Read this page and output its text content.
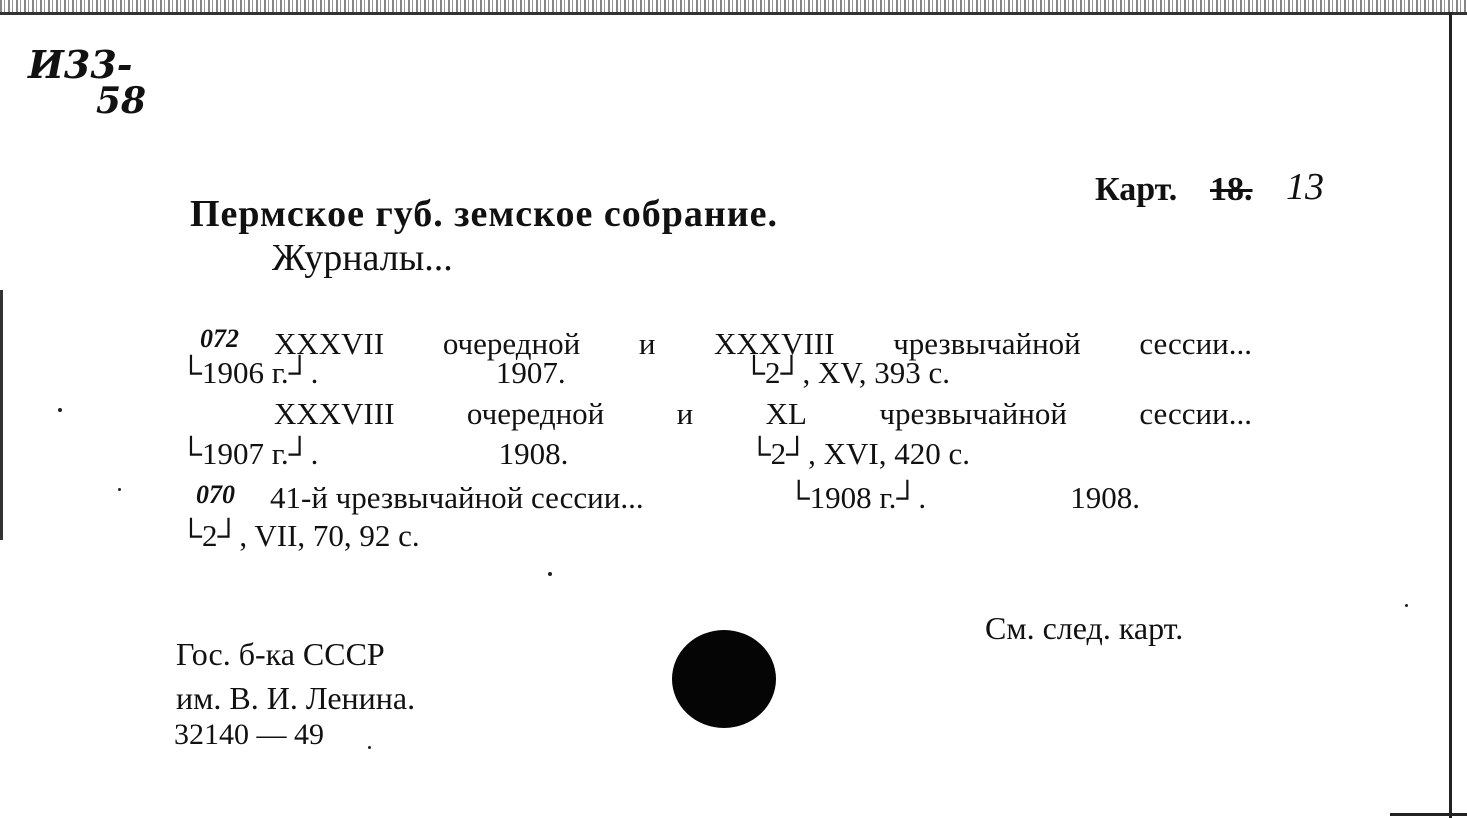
И33-
58
Карт. 18. 13
Пермское губ. земское собрание.
Журналы...
072 XXXVII очередной и XXXVIII чрезвычайной сессии...
└1906 г.┘.	1907.	└2┘, XV, 393 с.
XXXVIII очередной и XL чрезвычайной сессии...
└1907 г.┘.	1908.	└2┘, XVI, 420 с.
070 41-й чрезвычайной сессии...	└1908 г.┘.	1908.
└2┘, VII, 70, 92 с.
См. след. карт.
Гос. б-ка СССР
им. В. И. Ленина.
32140 — 49
